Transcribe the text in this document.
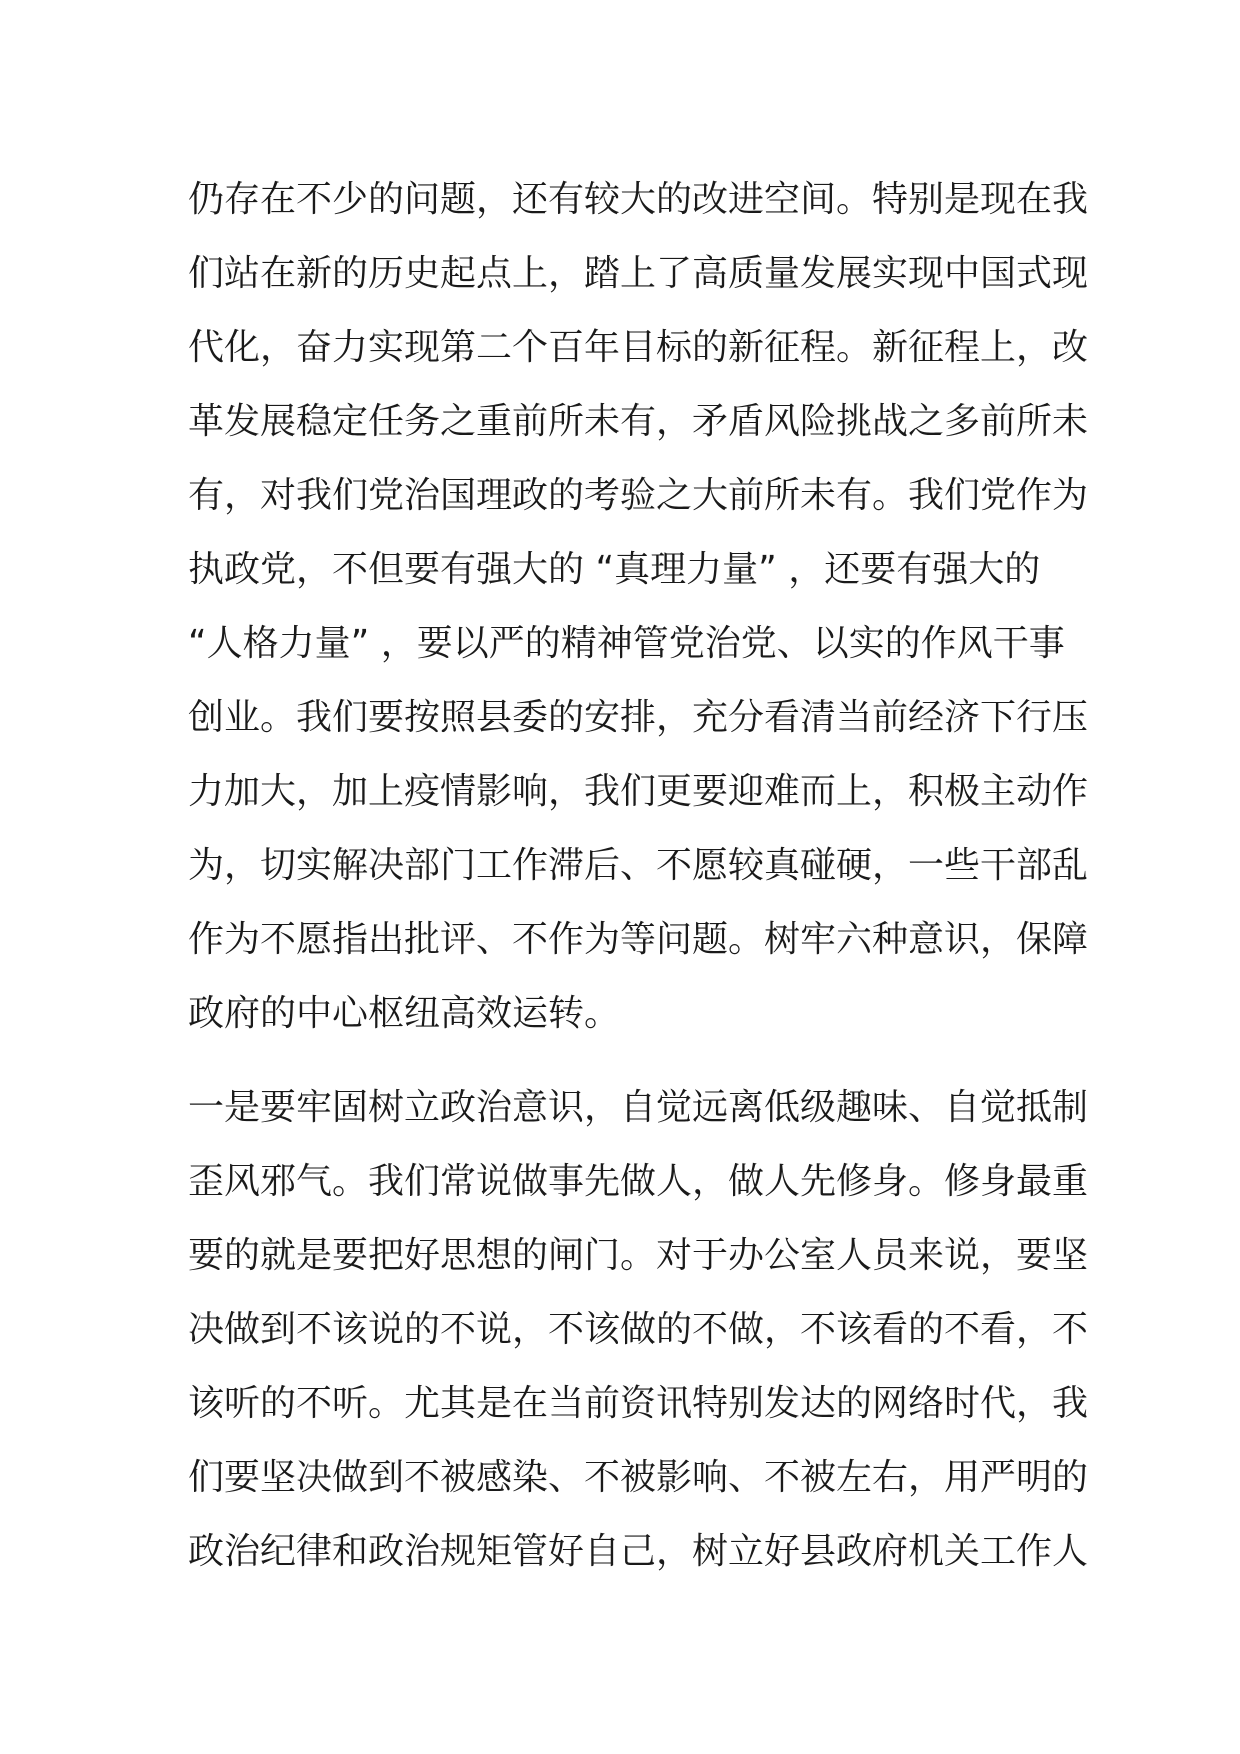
仍存在不少的问题，还有较大的改进空间。特别是现在我
们站在新的历史起点上，踏上了高质量发展实现中国式现
代化，奋力实现第二个百年目标的新征程。新征程上，改
革发展稳定任务之重前所未有，矛盾风险挑战之多前所未
有，对我们党治国理政的考验之大前所未有。我们党作为
执政党，不但要有强大的 “真理力量” ，还要有强大的
“人格力量” ，要以严的精神管党治党、以实的作风干事
创业。我们要按照县委的安排，充分看清当前经济下行压
力加大，加上疫情影响，我们更要迎难而上，积极主动作
为，切实解决部门工作滞后、不愿较真碰硬，一些干部乱
作为不愿指出批评、不作为等问题。树牢六种意识，保障
政府的中心枢纽高效运转。
一是要牢固树立政治意识，自觉远离低级趣味、自觉抵制
歪风邪气。我们常说做事先做人，做人先修身。修身最重
要的就是要把好思想的闸门。对于办公室人员来说，要坚
决做到不该说的不说，不该做的不做，不该看的不看，不
该听的不听。尤其是在当前资讯特别发达的网络时代，我
们要坚决做到不被感染、不被影响、不被左右，用严明的
政治纪律和政治规矩管好自己，树立好县政府机关工作人
